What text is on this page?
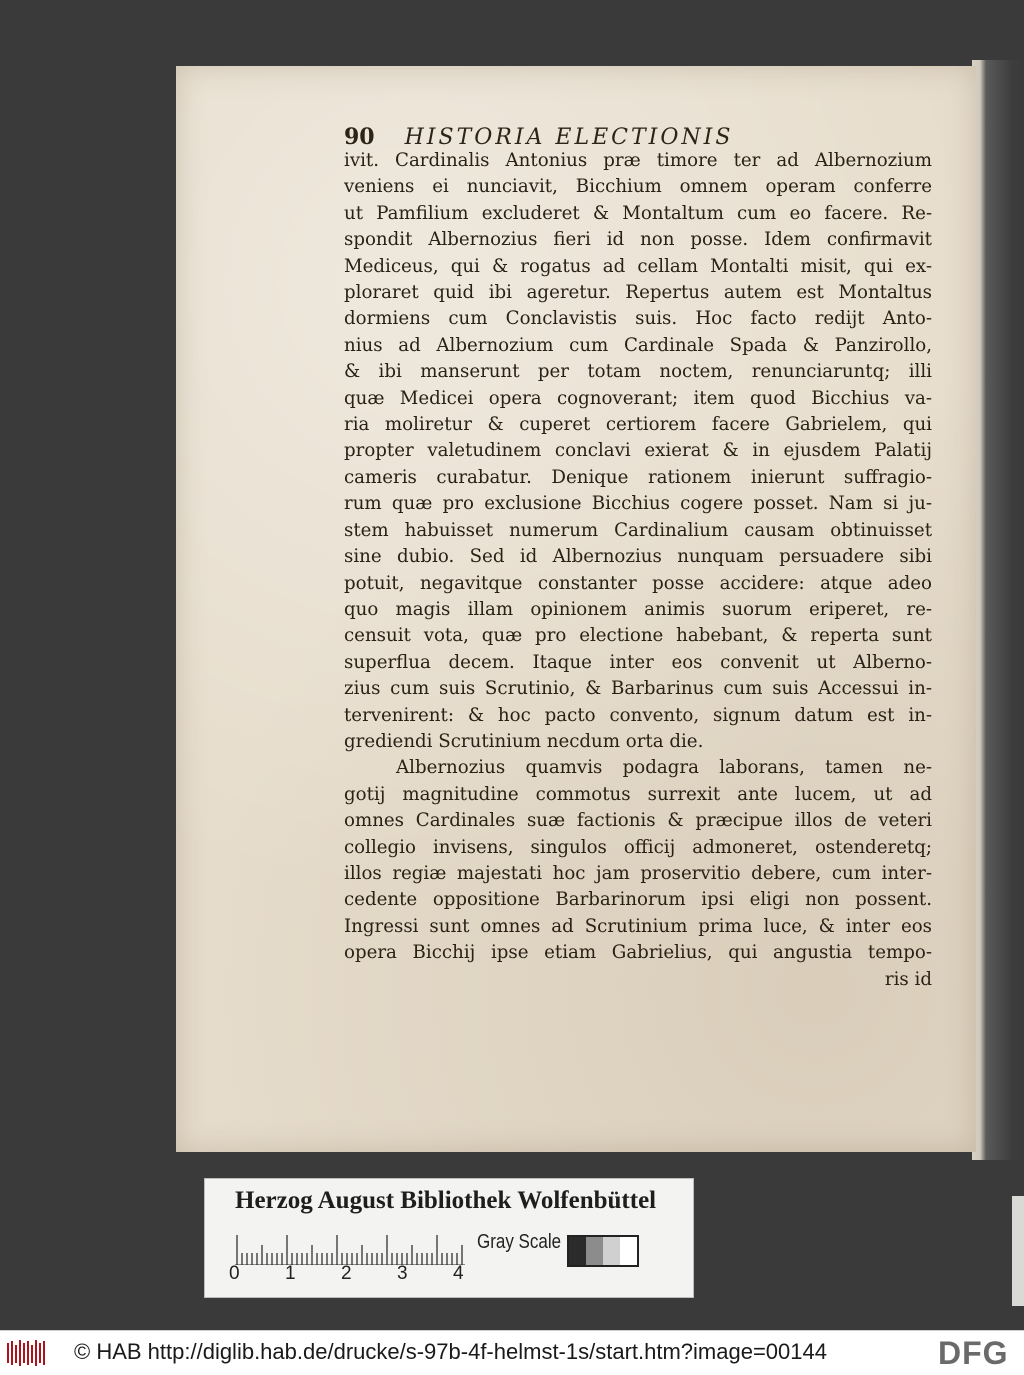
90 HISTORIA ELECTIONIS
ivit. Cardinalis Antonius præ timore ter ad Albernozium
veniens ei nunciavit, Bicchium omnem operam conferre
ut Pamfilium excluderet & Montaltum cum eo facere. Re-
spondit Albernozius fieri id non posse. Idem confirmavit
Mediceus, qui & rogatus ad cellam Montalti misit, qui ex-
ploraret quid ibi ageretur. Repertus autem est Montaltus
dormiens cum Conclavistis suis. Hoc facto redijt Anto-
nius ad Albernozium cum Cardinale Spada & Panzirollo,
& ibi manserunt per totam noctem, renunciaruntq; illi
quæ Medicei opera cognoverant; item quod Bicchius va-
ria moliretur & cuperet certiorem facere Gabrielem, qui
propter valetudinem conclavi exierat & in ejusdem Palatij
cameris curabatur. Denique rationem inierunt suffragio-
rum quæ pro exclusione Bicchius cogere posset. Nam si ju-
stem habuisset numerum Cardinalium causam obtinuisset
sine dubio. Sed id Albernozius nunquam persuadere sibi
potuit, negavitque constanter posse accidere: atque adeo
quo magis illam opinionem animis suorum eriperet, re-
censuit vota, quæ pro electione habebant, & reperta sunt
superflua decem. Itaque inter eos convenit ut Alberno-
zius cum suis Scrutinio, & Barbarinus cum suis Accessui in-
tervenirent: & hoc pacto convento, signum datum est in-
grediendi Scrutinium necdum orta die.
Albernozius quamvis podagra laborans, tamen ne-
gotij magnitudine commotus surrexit ante lucem, ut ad
omnes Cardinales suæ factionis & præcipue illos de veteri
collegio invisens, singulos officij admoneret, ostenderetq;
illos regiæ majestati hoc jam proservitio debere, cum inter-
cedente oppositione Barbarinorum ipsi eligi non possent.
Ingressi sunt omnes ad Scrutinium prima luce, & inter eos
opera Bicchij ipse etiam Gabrielius, qui angustia tempo-
ris id
Herzog August Bibliothek Wolfenbüttel
0 1 2 3 4
Gray Scale
© HAB http://diglib.hab.de/drucke/s-97b-4f-helmst-1s/start.htm?image=00144	DFG
